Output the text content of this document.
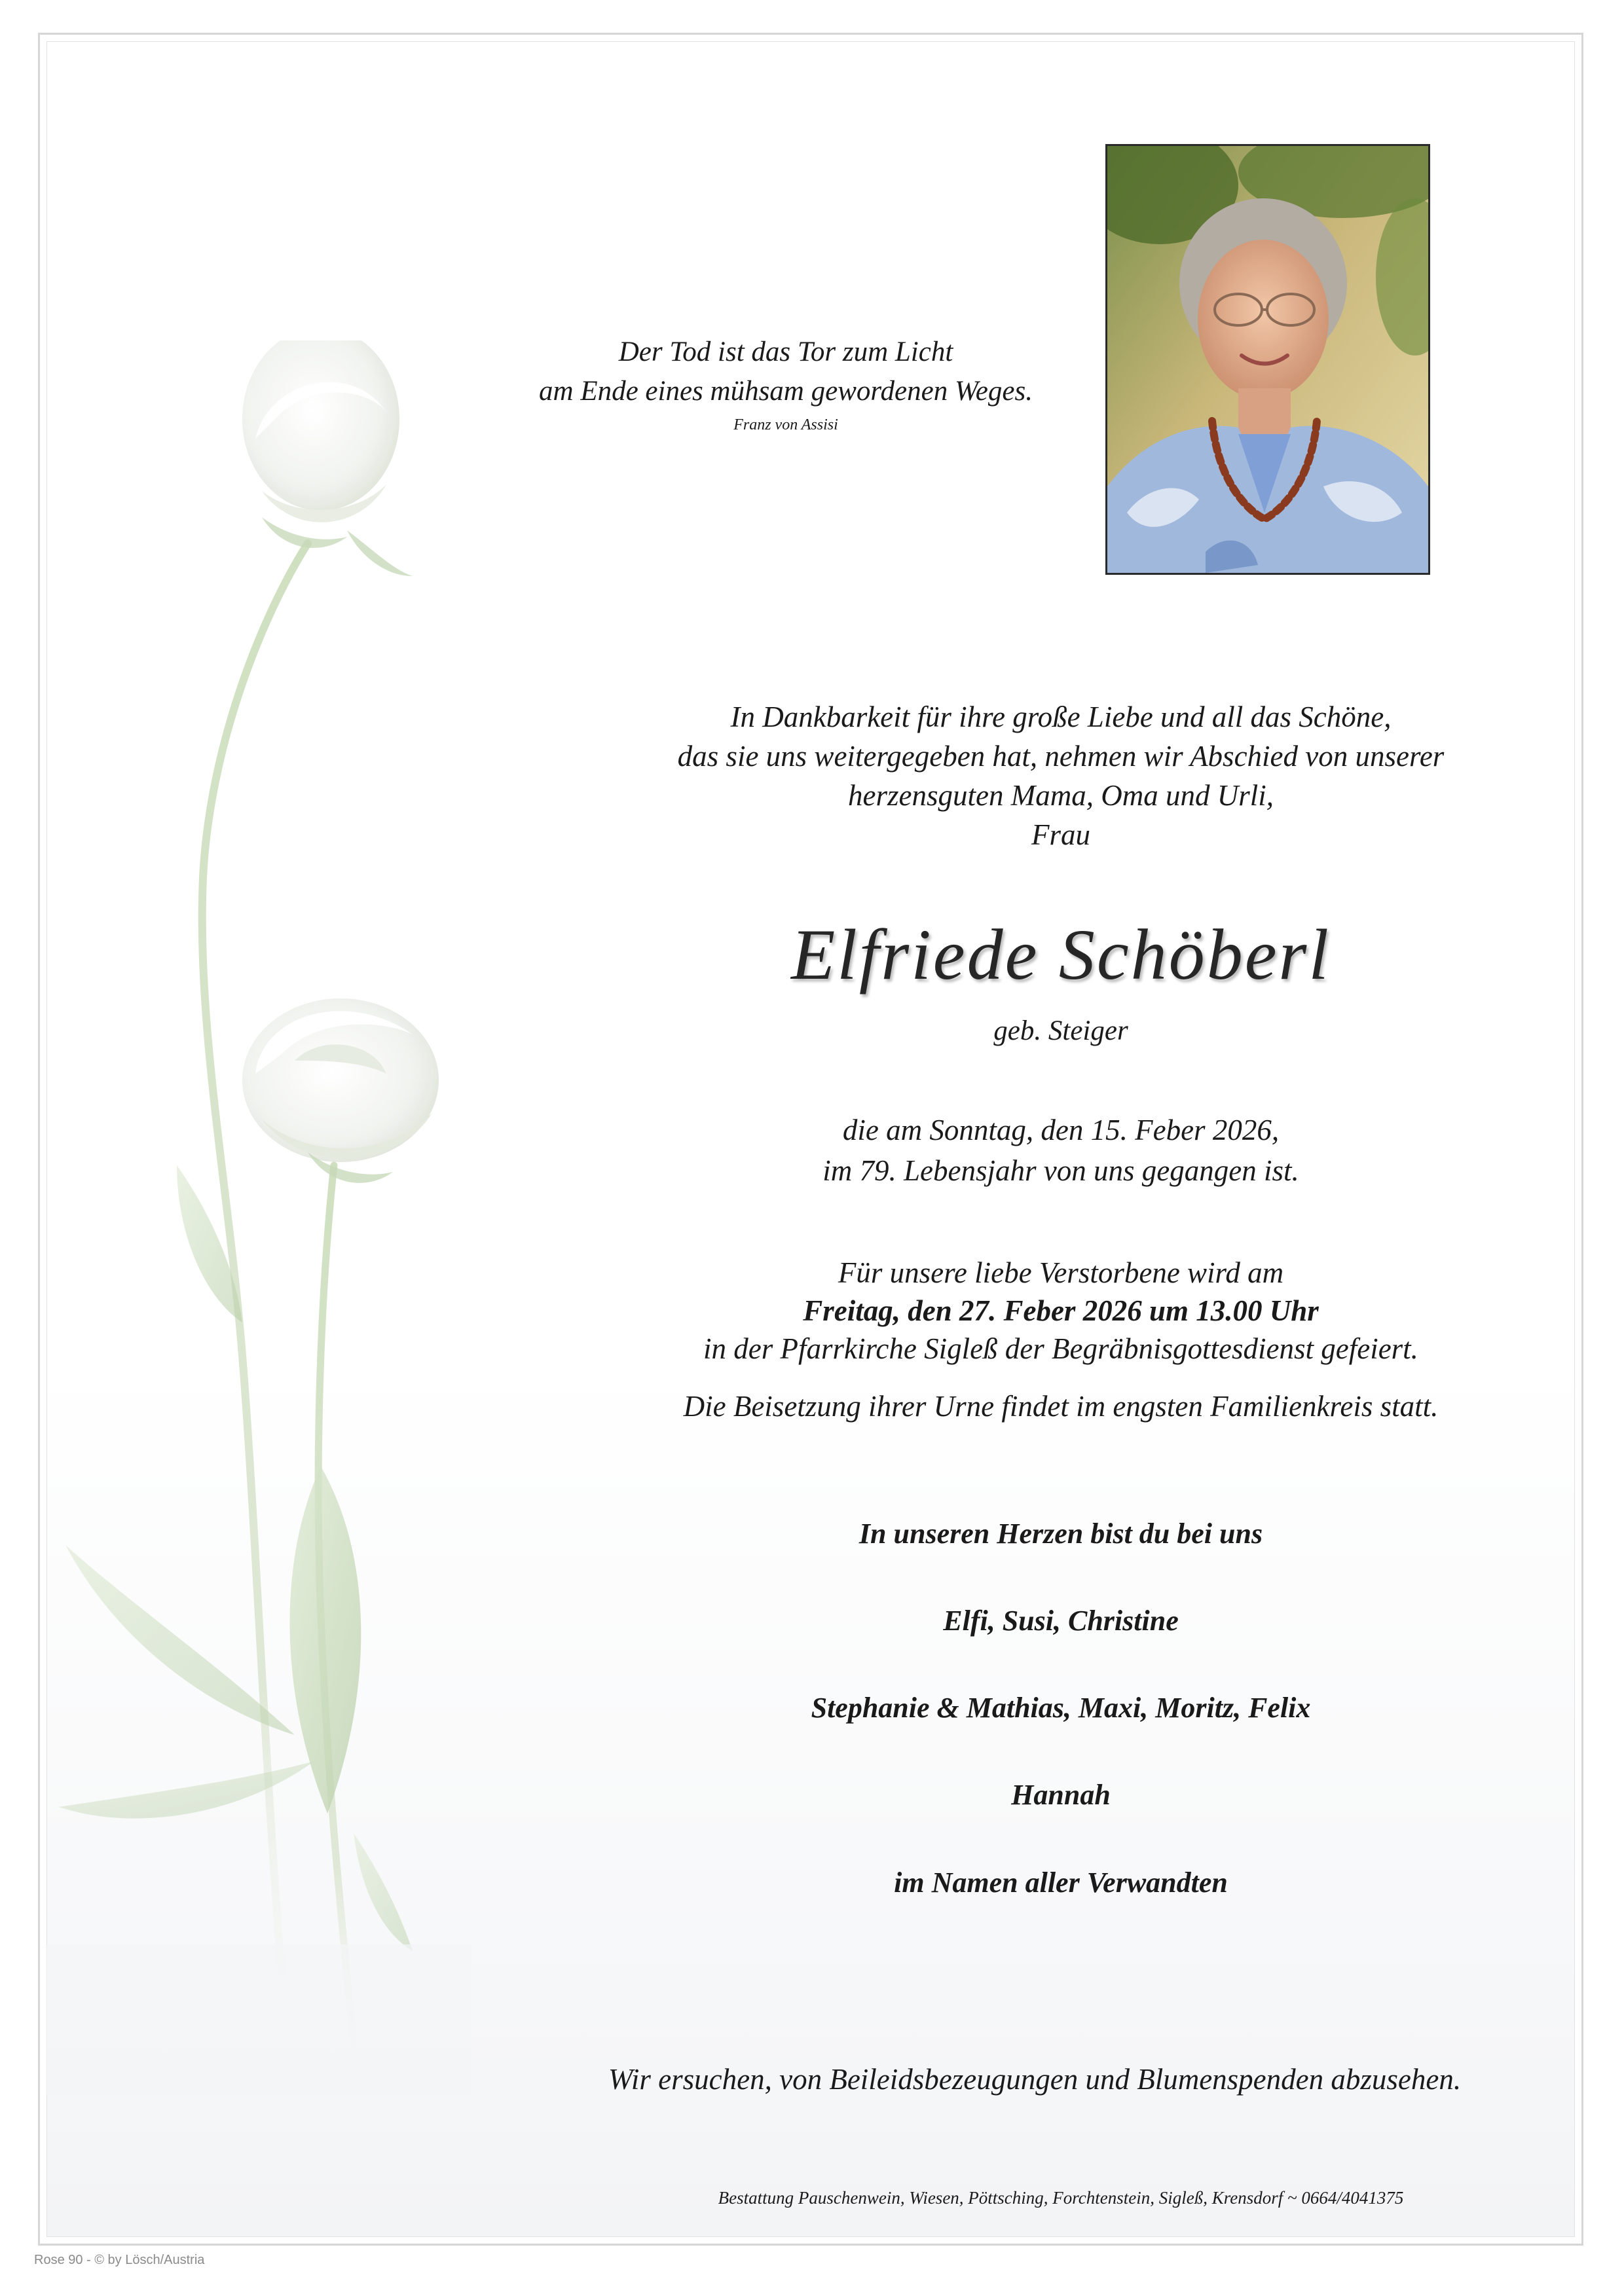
Der Tod ist das Tor zum Licht
am Ende eines mühsam gewordenen Weges.
Franz von Assisi
In Dankbarkeit für ihre große Liebe und all das Schöne,
das sie uns weitergegeben hat, nehmen wir Abschied von unserer
herzensguten Mama, Oma und Urli,
Frau
Elfriede Schöberl
geb. Steiger
die am Sonntag, den 15. Feber 2026,
im 79. Lebensjahr von uns gegangen ist.
Für unsere liebe Verstorbene wird am
Freitag, den 27. Feber 2026 um 13.00 Uhr
in der Pfarrkirche Sigleß der Begräbnisgottesdienst gefeiert.
Die Beisetzung ihrer Urne findet im engsten Familienkreis statt.
In unseren Herzen bist du bei uns
Elfi, Susi, Christine
Stephanie & Mathias, Maxi, Moritz, Felix
Hannah
im Namen aller Verwandten
Wir ersuchen, von Beileidsbezeugungen und Blumenspenden abzusehen.
Bestattung Pauschenwein, Wiesen, Pöttsching, Forchtenstein, Sigleß, Krensdorf ~ 0664/4041375
Rose 90 - © by Lösch/Austria
